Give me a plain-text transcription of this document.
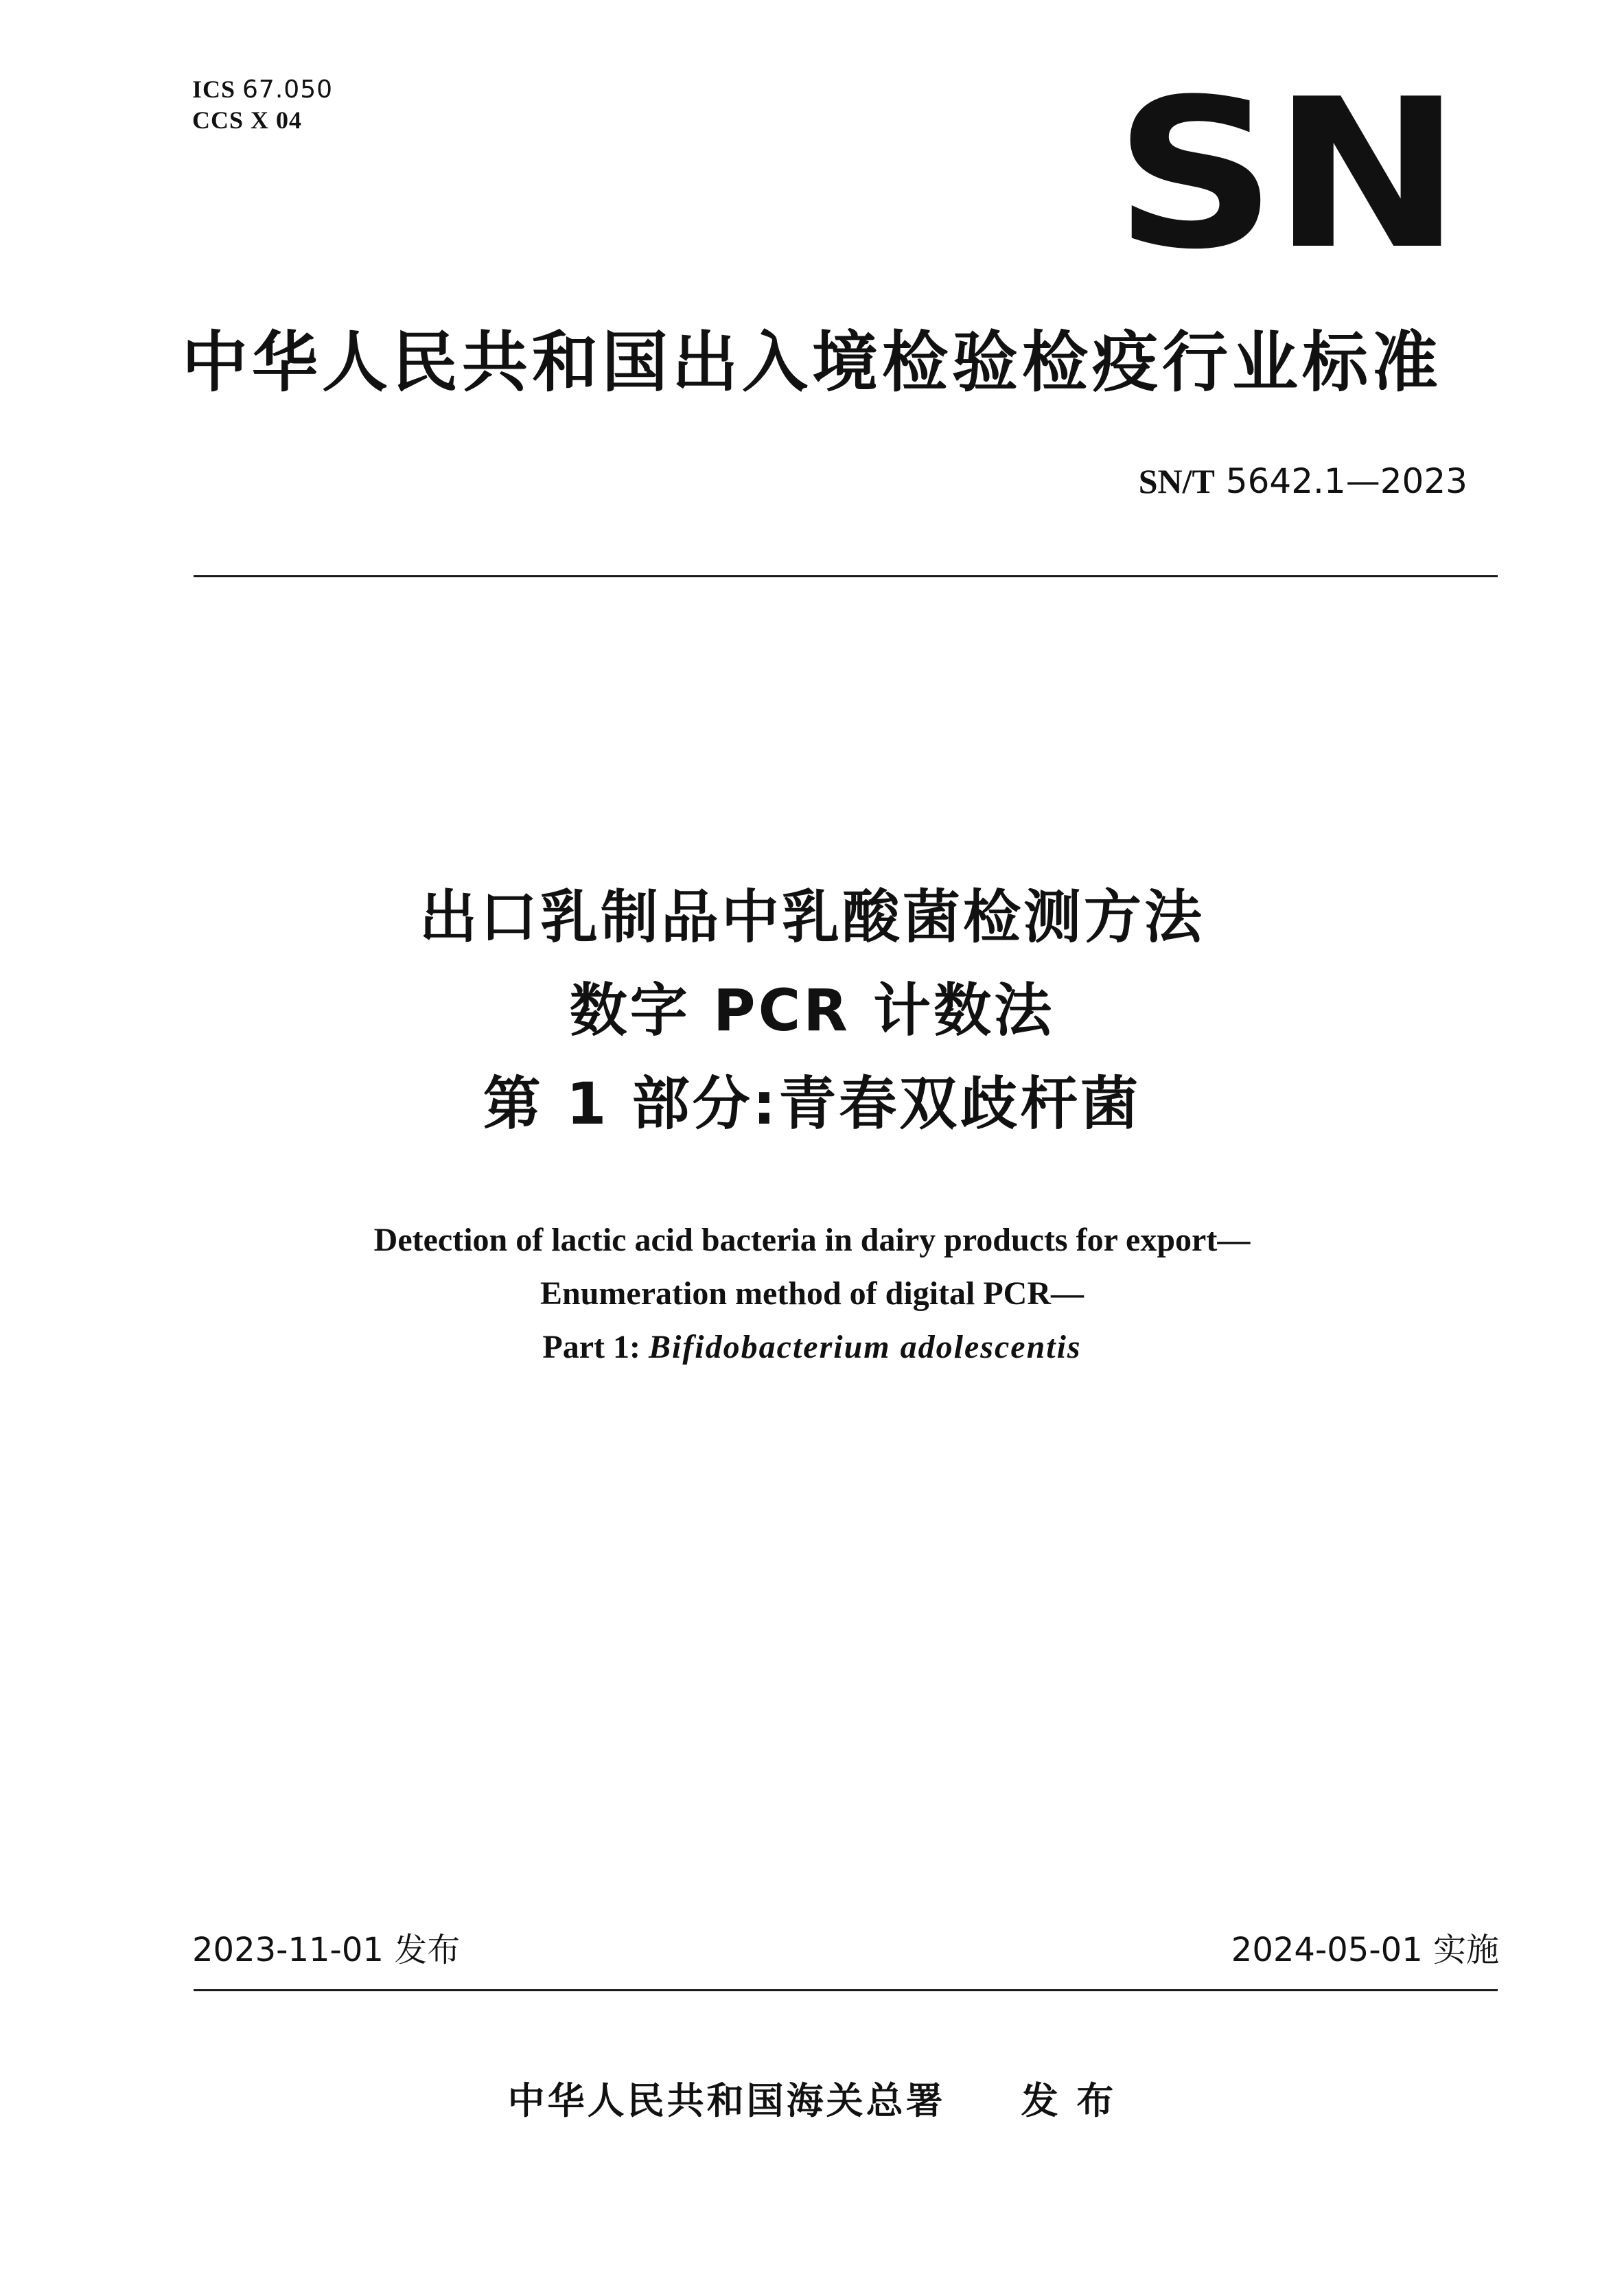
ICS 67.050
CCS X 04	SN
中华人民共和国出入境检验检疫行业标准
SN/T 5642.1—2023
出口乳制品中乳酸菌检测方法
数字 PCR 计数法
第 1 部分:青春双歧杆菌
Detection of lactic acid bacteria in dairy products for export—
Enumeration method of digital PCR—
Part 1: Bifidobacterium adolescentis
2023-11-01 发布	2024-05-01 实施
中华人民共和国海关总署 发 布
